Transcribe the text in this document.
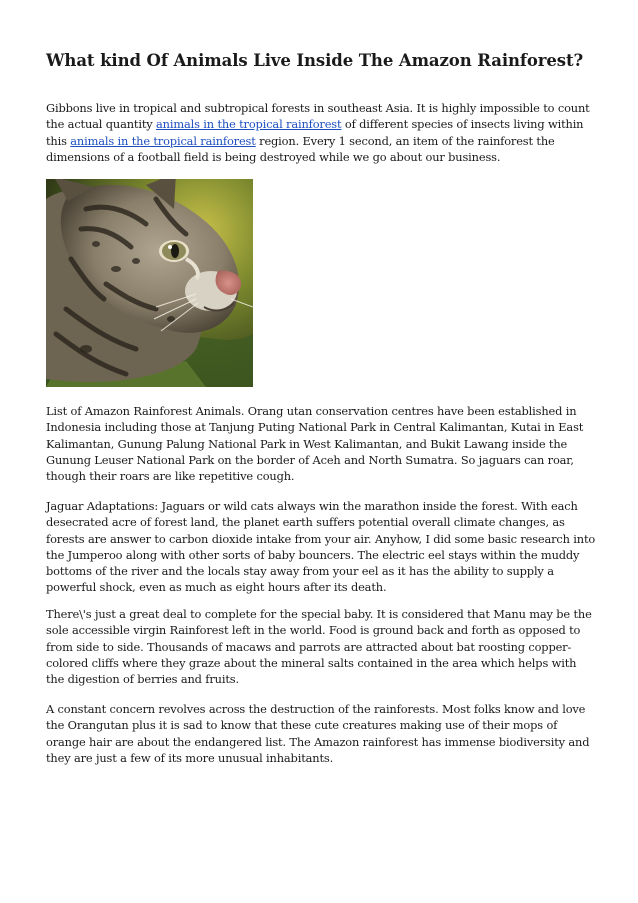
What kind Of Animals Live Inside The Amazon Rainforest?

Gibbons live in tropical and subtropical forests in southeast Asia. It is highly impossible to count the actual quantity animals in the tropical rainforest of different species of insects living within this animals in the tropical rainforest region. Every 1 second, an item of the rainforest the dimensions of a football field is being destroyed while we go about our business.

List of Amazon Rainforest Animals. Orang utan conservation centres have been established in Indonesia including those at Tanjung Puting National Park in Central Kalimantan, Kutai in East Kalimantan, Gunung Palung National Park in West Kalimantan, and Bukit Lawang inside the Gunung Leuser National Park on the border of Aceh and North Sumatra. So jaguars can roar, though their roars are like repetitive cough.

Jaguar Adaptations: Jaguars or wild cats always win the marathon inside the forest. With each desecrated acre of forest land, the planet earth suffers potential overall climate changes, as forests are answer to carbon dioxide intake from your air. Anyhow, I did some basic research into the Jumperoo along with other sorts of baby bouncers. The electric eel stays within the muddy bottoms of the river and the locals stay away from your eel as it has the ability to supply a powerful shock, even as much as eight hours after its death.

There\'s just a great deal to complete for the special baby. It is considered that Manu may be the sole accessible virgin Rainforest left in the world. Food is ground back and forth as opposed to from side to side. Thousands of macaws and parrots are attracted about bat roosting copper-colored cliffs where they graze about the mineral salts contained in the area which helps with the digestion of berries and fruits.

A constant concern revolves across the destruction of the rainforests. Most folks know and love the Orangutan plus it is sad to know that these cute creatures making use of their mops of orange hair are about the endangered list. The Amazon rainforest has immense biodiversity and they are just a few of its more unusual inhabitants.
